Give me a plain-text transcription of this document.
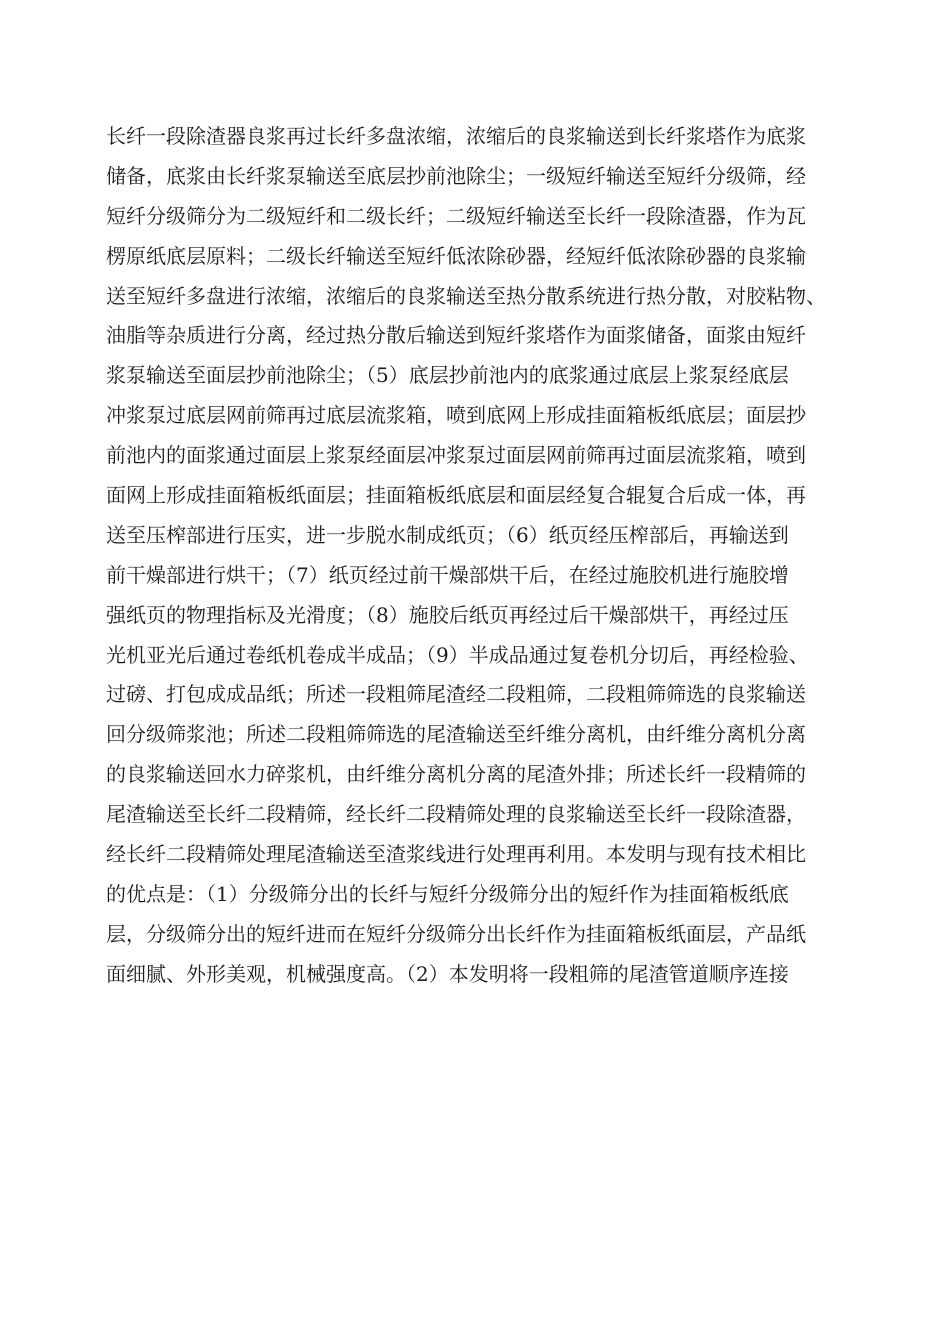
长纤一段除渣器良浆再过长纤多盘浓缩，浓缩后的良浆输送到长纤浆塔作为底浆
储备，底浆由长纤浆泵输送至底层抄前池除尘；一级短纤输送至短纤分级筛，经
短纤分级筛分为二级短纤和二级长纤；二级短纤输送至长纤一段除渣器，作为瓦
楞原纸底层原料；二级长纤输送至短纤低浓除砂器，经短纤低浓除砂器的良浆输
送至短纤多盘进行浓缩，浓缩后的良浆输送至热分散系统进行热分散，对胶粘物、
油脂等杂质进行分离，经过热分散后输送到短纤浆塔作为面浆储备，面浆由短纤
浆泵输送至面层抄前池除尘；（5）底层抄前池内的底浆通过底层上浆泵经底层
冲浆泵过底层网前筛再过底层流浆箱，喷到底网上形成挂面箱板纸底层；面层抄
前池内的面浆通过面层上浆泵经面层冲浆泵过面层网前筛再过面层流浆箱，喷到
面网上形成挂面箱板纸面层；挂面箱板纸底层和面层经复合辊复合后成一体，再
送至压榨部进行压实，进一步脱水制成纸页；（6）纸页经压榨部后，再输送到
前干燥部进行烘干；（7）纸页经过前干燥部烘干后，在经过施胶机进行施胶增
强纸页的物理指标及光滑度；（8）施胶后纸页再经过后干燥部烘干，再经过压
光机亚光后通过卷纸机卷成半成品；（9）半成品通过复卷机分切后，再经检验、
过磅、打包成成品纸；所述一段粗筛尾渣经二段粗筛，二段粗筛筛选的良浆输送
回分级筛浆池；所述二段粗筛筛选的尾渣输送至纤维分离机，由纤维分离机分离
的良浆输送回水力碎浆机，由纤维分离机分离的尾渣外排；所述长纤一段精筛的
尾渣输送至长纤二段精筛，经长纤二段精筛处理的良浆输送至长纤一段除渣器，
经长纤二段精筛处理尾渣输送至渣浆线进行处理再利用。本发明与现有技术相比
的优点是：（1）分级筛分出的长纤与短纤分级筛分出的短纤作为挂面箱板纸底
层，分级筛分出的短纤进而在短纤分级筛分出长纤作为挂面箱板纸面层，产品纸
面细腻、外形美观，机械强度高。（2）本发明将一段粗筛的尾渣管道顺序连接
